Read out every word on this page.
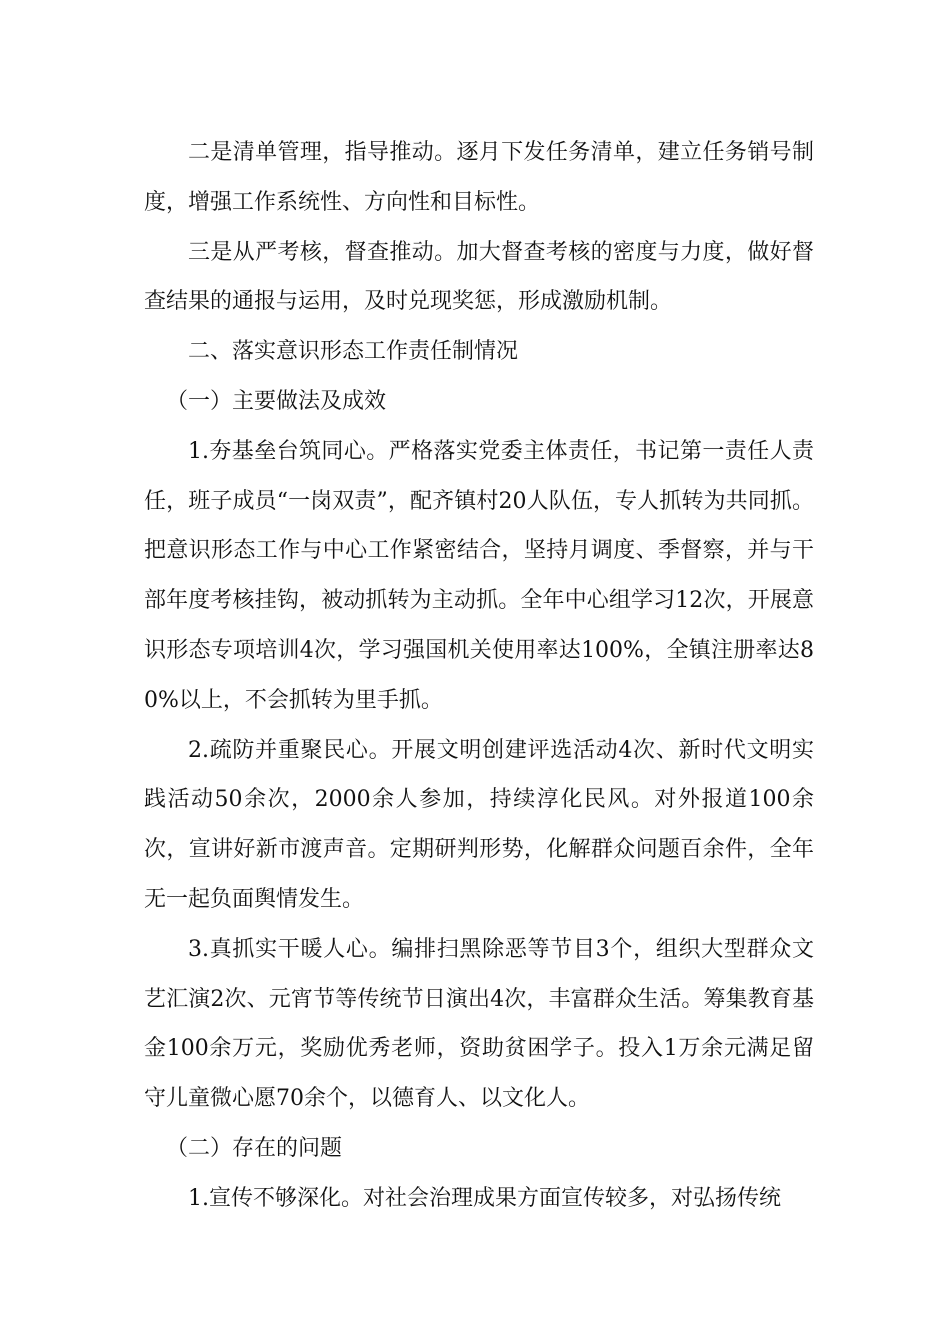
二是清单管理，指导推动。逐月下发任务清单，建立任务销号制度，增强工作系统性、方向性和目标性。

三是从严考核，督查推动。加大督查考核的密度与力度，做好督查结果的通报与运用，及时兑现奖惩，形成激励机制。

二、落实意识形态工作责任制情况

（一）主要做法及成效

1.夯基垒台筑同心。严格落实党委主体责任，书记第一责任人责任，班子成员“一岗双责”，配齐镇村20人队伍，专人抓转为共同抓。把意识形态工作与中心工作紧密结合，坚持月调度、季督察，并与干部年度考核挂钩，被动抓转为主动抓。全年中心组学习12次，开展意识形态专项培训4次，学习强国机关使用率达100%，全镇注册率达80%以上，不会抓转为里手抓。

2.疏防并重聚民心。开展文明创建评选活动4次、新时代文明实践活动50余次，2000余人参加，持续淳化民风。对外报道100余次，宣讲好新市渡声音。定期研判形势，化解群众问题百余件，全年无一起负面舆情发生。

3.真抓实干暖人心。编排扫黑除恶等节目3个，组织大型群众文艺汇演2次、元宵节等传统节日演出4次，丰富群众生活。筹集教育基金100余万元，奖励优秀老师，资助贫困学子。投入1万余元满足留守儿童微心愿70余个，以德育人、以文化人。

（二）存在的问题

1.宣传不够深化。对社会治理成果方面宣传较多，对弘扬传统
